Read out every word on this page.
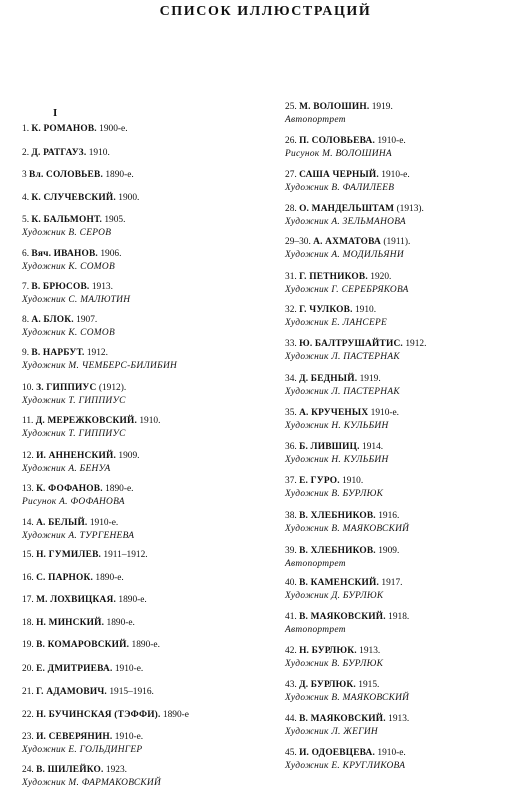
СПИСОК ИЛЛЮСТРАЦИЙ
I
1. К. РОМАНОВ. 1900-е.
2. Д. РАТГАУЗ. 1910.
3 Вл. СОЛОВЬЕВ. 1890-е.
4. К. СЛУЧЕВСКИЙ. 1900.
5. К. БАЛЬМОНТ. 1905.
Художник В. СЕРОВ
6. Вяч. ИВАНОВ. 1906.
Художник К. СОМОВ
7. В. БРЮСОВ. 1913.
Художник С. МАЛЮТИН
8. А. БЛОК. 1907.
Художник К. СОМОВ
9. В. НАРБУТ. 1912.
Художник М. ЧЕМБЕРС-БИЛИБИН
10. З. ГИППИУС (1912).
Художник Т. ГИППИУС
11. Д. МЕРЕЖКОВСКИЙ. 1910.
Художник Т. ГИППИУС
12. И. АННЕНСКИЙ. 1909.
Художник А. БЕНУА
13. К. ФОФАНОВ. 1890-е.
Рисунок А. ФОФАНОВА
14. А. БЕЛЫЙ. 1910-е.
Художник А. ТУРГЕНЕВА
15. Н. ГУМИЛЕВ. 1911–1912.
16. С. ПАРНОК. 1890-е.
17. М. ЛОХВИЦКАЯ. 1890-е.
18. Н. МИНСКИЙ. 1890-е.
19. В. КОМАРОВСКИЙ. 1890-е.
20. Е. ДМИТРИЕВА. 1910-е.
21. Г. АДАМОВИЧ. 1915–1916.
22. Н. БУЧИНСКАЯ (ТЭФФИ). 1890-е
23. И. СЕВЕРЯНИН. 1910-е.
Художник Е. ГОЛЬДИНГЕР
24. В. ШИЛЕЙКО. 1923.
Художник М. ФАРМАКОВСКИЙ
25. М. ВОЛОШИН. 1919.
Автопортрет
26. П. СОЛОВЬЕВА. 1910-е.
Рисунок М. ВОЛОШИНА
27. САША ЧЕРНЫЙ. 1910-е.
Художник В. ФАЛИЛЕЕВ
28. О. МАНДЕЛЬШТАМ (1913).
Художник А. ЗЕЛЬМАНОВА
29–30. А. АХМАТОВА (1911).
Художник А. МОДИЛЬЯНИ
31. Г. ПЕТНИКОВ. 1920.
Художник Г. СЕРЕБРЯКОВА
32. Г. ЧУЛКОВ. 1910.
Художник Е. ЛАНСЕРЕ
33. Ю. БАЛТРУШАЙТИС. 1912.
Художник Л. ПАСТЕРНАК
34. Д. БЕДНЫЙ. 1919.
Художник Л. ПАСТЕРНАК
35. А. КРУЧЕНЫХ 1910-е.
Художник Н. КУЛЬБИН
36. Б. ЛИВШИЦ. 1914.
Художник Н. КУЛЬБИН
37. Е. ГУРО. 1910.
Художник В. БУРЛЮК
38. В. ХЛЕБНИКОВ. 1916.
Художник В. МАЯКОВСКИЙ
39. В. ХЛЕБНИКОВ. 1909.
Автопортрет
40. В. КАМЕНСКИЙ. 1917.
Художник Д. БУРЛЮК
41. В. МАЯКОВСКИЙ. 1918.
Автопортрет
42. Н. БУРЛЮК. 1913.
Художник В. БУРЛЮК
43. Д. БУРЛЮК. 1915.
Художник В. МАЯКОВСКИЙ
44. В. МАЯКОВСКИЙ. 1913.
Художник Л. ЖЕГИН
45. И. ОДОЕВЦЕВА. 1910-е.
Художник Е. КРУГЛИКОВА
